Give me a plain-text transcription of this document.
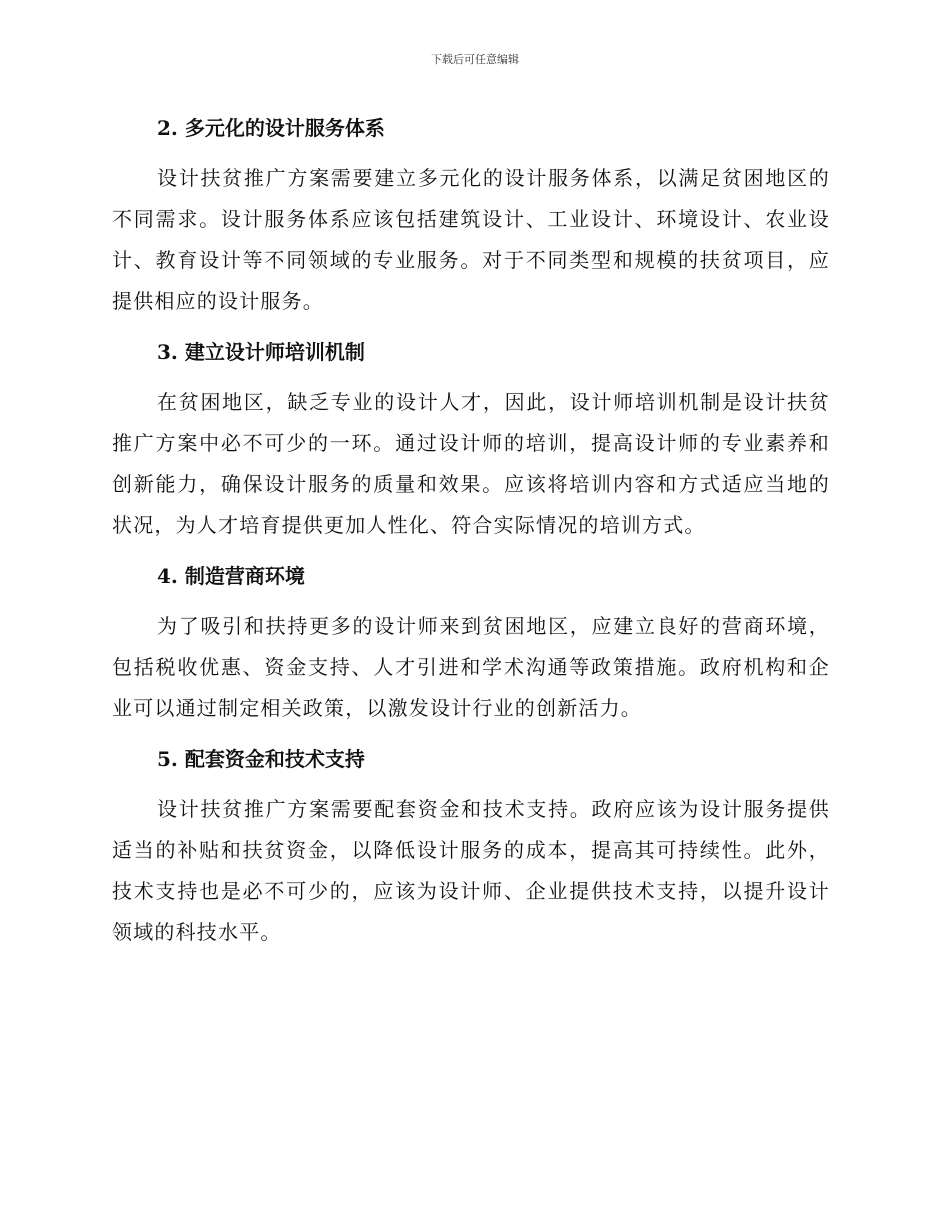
下载后可任意编辑
2. 多元化的设计服务体系

设计扶贫推广方案需要建立多元化的设计服务体系，以满足贫困地区的不同需求。设计服务体系应该包括建筑设计、工业设计、环境设计、农业设计、教育设计等不同领域的专业服务。对于不同类型和规模的扶贫项目，应提供相应的设计服务。

3. 建立设计师培训机制

在贫困地区，缺乏专业的设计人才，因此，设计师培训机制是设计扶贫推广方案中必不可少的一环。通过设计师的培训，提高设计师的专业素养和创新能力，确保设计服务的质量和效果。应该将培训内容和方式适应当地的状况，为人才培育提供更加人性化、符合实际情况的培训方式。

4. 制造营商环境

为了吸引和扶持更多的设计师来到贫困地区，应建立良好的营商环境，包括税收优惠、资金支持、人才引进和学术沟通等政策措施。政府机构和企业可以通过制定相关政策，以激发设计行业的创新活力。

5. 配套资金和技术支持

设计扶贫推广方案需要配套资金和技术支持。政府应该为设计服务提供适当的补贴和扶贫资金，以降低设计服务的成本，提高其可持续性。此外，技术支持也是必不可少的，应该为设计师、企业提供技术支持，以提升设计领域的科技水平。
